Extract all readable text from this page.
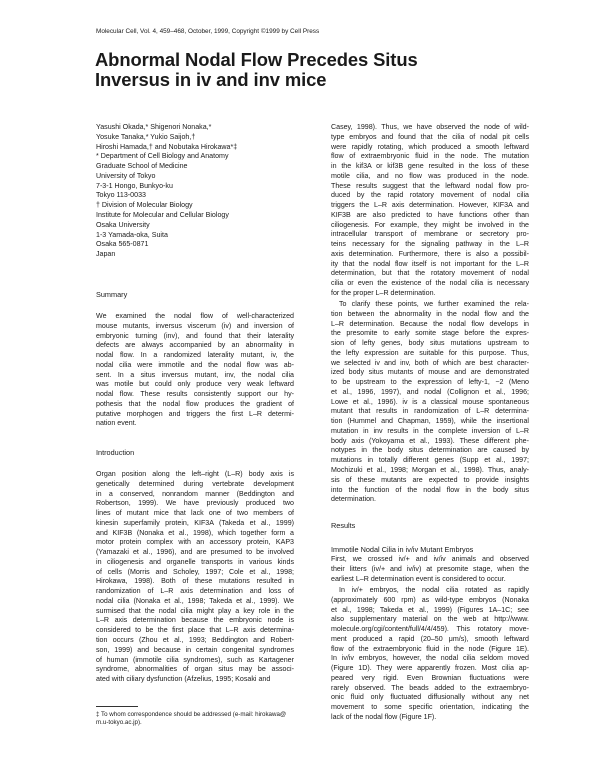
Molecular Cell, Vol. 4, 459–468, October, 1999, Copyright ©1999 by Cell Press
Abnormal Nodal Flow Precedes Situs
Inversus in iv and inv mice
Yasushi Okada,* Shigenori Nonaka,*
Yosuke Tanaka,* Yukio Saijoh,†
Hiroshi Hamada,† and Nobutaka Hirokawa*‡
* Department of Cell Biology and Anatomy
Graduate School of Medicine
University of Tokyo
7-3-1 Hongo, Bunkyo-ku
Tokyo 113-0033
† Division of Molecular Biology
Institute for Molecular and Cellular Biology
Osaka University
1-3 Yamada-oka, Suita
Osaka 565-0871
Japan
Summary
We examined the nodal flow of well-characterized
mouse mutants, inversus viscerum (iv) and inversion of
embryonic turning (inv), and found that their laterality
defects are always accompanied by an abnormality in
nodal flow. In a randomized laterality mutant, iv, the
nodal cilia were immotile and the nodal flow was ab-
sent. In a situs inversus mutant, inv, the nodal cilia
was motile but could only produce very weak leftward
nodal flow. These results consistently support our hy-
pothesis that the nodal flow produces the gradient of
putative morphogen and triggers the first L–R determi-
nation event.
Introduction
Organ position along the left–right (L–R) body axis is
genetically determined during vertebrate development
in a conserved, nonrandom manner (Beddington and
Robertson, 1999). We have previously produced two
lines of mutant mice that lack one of two members of
kinesin superfamily protein, KIF3A (Takeda et al., 1999)
and KIF3B (Nonaka et al., 1998), which together form a
motor protein complex with an accessory protein, KAP3
(Yamazaki et al., 1996), and are presumed to be involved
in ciliogenesis and organelle transports in various kinds
of cells (Morris and Scholey, 1997; Cole et al., 1998;
Hirokawa, 1998). Both of these mutations resulted in
randomization of L–R axis determination and loss of
nodal cilia (Nonaka et al., 1998; Takeda et al., 1999). We
surmised that the nodal cilia might play a key role in the
L–R axis determination because the embryonic node is
considered to be the first place that L–R axis determina-
tion occurs (Zhou et al., 1993; Beddington and Robert-
son, 1999) and because in certain congenital syndromes
of human (immotile cilia syndromes), such as Kartagener
syndrome, abnormalities of organ situs may be associ-
ated with ciliary dysfunction (Afzelius, 1995; Kosaki and
‡ To whom correspondence should be addressed (e-mail: hirokawa@
m.u-tokyo.ac.jp).
Casey, 1998). Thus, we have observed the node of wild-
type embryos and found that the cilia of nodal pit cells
were rapidly rotating, which produced a smooth leftward
flow of extraembryonic fluid in the node. The mutation
in the kif3A or kif3B gene resulted in the loss of these
motile cilia, and no flow was produced in the node.
These results suggest that the leftward nodal flow pro-
duced by the rapid rotatory movement of nodal cilia
triggers the L–R axis determination. However, KIF3A and
KIF3B are also predicted to have functions other than
ciliogenesis. For example, they might be involved in the
intracellular transport of membrane or secretory pro-
teins necessary for the signaling pathway in the L–R
axis determination. Furthermore, there is also a possibil-
ity that the nodal flow itself is not important for the L–R
determination, but that the rotatory movement of nodal
cilia or even the existence of the nodal cilia is necessary
for the proper L–R determination.
To clarify these points, we further examined the rela-
tion between the abnormality in the nodal flow and the
L–R determination. Because the nodal flow develops in
the presomite to early somite stage before the expres-
sion of lefty genes, body situs mutations upstream to
the lefty expression are suitable for this purpose. Thus,
we selected iv and inv, both of which are best character-
ized body situs mutants of mouse and are demonstrated
to be upstream to the expression of lefty-1, −2 (Meno
et al., 1996, 1997), and nodal (Collignon et al., 1996;
Lowe et al., 1996). iv is a classical mouse spontaneous
mutant that results in randomization of L–R determina-
tion (Hummel and Chapman, 1959), while the insertional
mutation in inv results in the complete inversion of L–R
body axis (Yokoyama et al., 1993). These different phe-
notypes in the body situs determination are caused by
mutations in totally different genes (Supp et al., 1997;
Mochizuki et al., 1998; Morgan et al., 1998). Thus, analy-
sis of these mutants are expected to provide insights
into the function of the nodal flow in the body situs
determination.
Results
Immotile Nodal Cilia in iv/iv Mutant Embryos
First, we crossed iv/+ and iv/iv animals and observed
their litters (iv/+ and iv/iv) at presomite stage, when the
earliest L–R determination event is considered to occur.
In iv/+ embryos, the nodal cilia rotated as rapidly
(approximately 600 rpm) as wild-type embryos (Nonaka
et al., 1998; Takeda et al., 1999) (Figures 1A–1C; see
also supplementary material on the web at http://www.
molecule.org/cgi/content/full/4/4/459). This rotatory move-
ment produced a rapid (20–50 μm/s), smooth leftward
flow of the extraembryonic fluid in the node (Figure 1E).
In iv/iv embryos, however, the nodal cilia seldom moved
(Figure 1D). They were apparently frozen. Most cilia ap-
peared very rigid. Even Brownian fluctuations were
rarely observed. The beads added to the extraembryo-
onic fluid only fluctuated diffusionally without any net
movement to some specific orientation, indicating the
lack of the nodal flow (Figure 1F).
